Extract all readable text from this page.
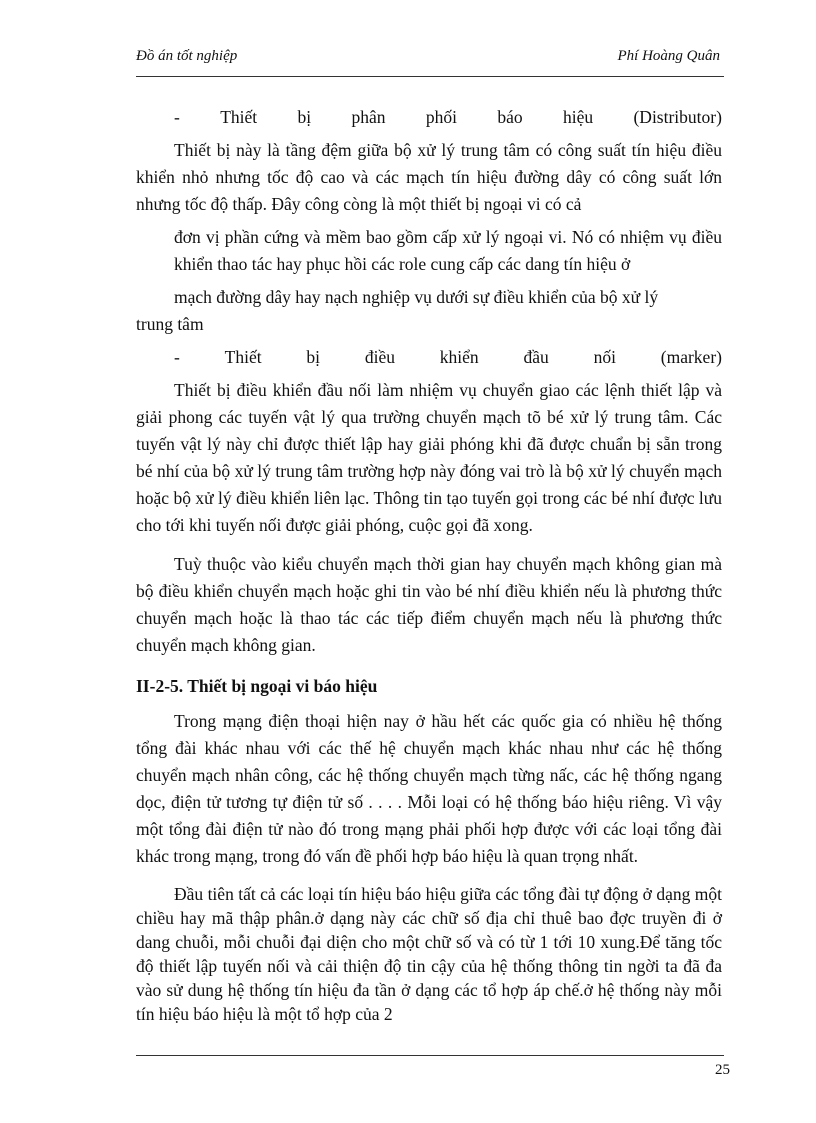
Đồ án tốt nghiệp	Phí Hoàng Quân
- Thiết bị phân phối báo hiệu (Distributor)

Thiết bị này là tầng đệm giữa bộ xử lý trung tâm có công suất tín hiệu điều khiển nhỏ nhưng tốc độ cao và các mạch tín hiệu đường dây có công suất lớn nhưng tốc độ thấp. Đây công còng là một thiết bị ngoại vi có cả

đơn vị phần cứng và mềm bao gồm cấp xử lý ngoại vi. Nó có nhiệm vụ điều khiển thao tác hay phục hồi các role cung cấp các dang tín hiệu ở

mạch đường dây hay nạch nghiệp vụ dưới sự điều khiển của bộ xử lý

trung tâm

-	Thiết	bị	điều	khiển	đầu	nối	(marker)

Thiết bị điều khiển đầu nối làm nhiệm vụ chuyển giao các lệnh thiết lập và giải phong các tuyến vật lý qua trường chuyển mạch tõ bé xử lý trung tâm. Các tuyến vật lý này chỉ được thiết lập hay giải phóng khi đã được chuẩn bị sẵn trong bé nhí của bộ xử lý trung tâm trường hợp này đóng vai trò là bộ xử lý chuyển mạch hoặc bộ xử lý điều khiển liên lạc. Thông tin tạo tuyến gọi trong các bé nhí được lưu cho tới khi tuyến nối được giải phóng, cuộc gọi đã xong.

Tuỳ thuộc vào kiểu chuyển mạch thời gian hay chuyển mạch không gian mà bộ điều khiển chuyển mạch hoặc ghi tin vào bé nhí điều khiển nếu là phương thức chuyển mạch hoặc là thao tác các tiếp điểm chuyển mạch nếu là phương thức chuyển mạch không gian.

II-2-5. Thiết bị ngoại vi báo hiệu

Trong mạng điện thoại hiện nay ở hầu hết các quốc gia có nhiều hệ thống tổng đài khác nhau với các thế hệ chuyển mạch khác nhau như các hệ thống chuyển mạch nhân công, các hệ thống chuyển mạch từng nấc, các hệ thống ngang dọc, điện tử tương tự điện tử số . . . . Mỗi loại có hệ thống báo hiệu riêng. Vì vậy một tổng đài điện tử nào đó trong mạng phải phối hợp được với các loại tổng đài khác trong mạng, trong đó vấn đề phối hợp báo hiệu là quan trọng nhất.

Đầu tiên tất cả các loại tín hiệu báo hiệu giữa các tổng đài tự động ở dạng một chiều hay mã thập phân.ở dạng này các chữ số địa chỉ thuê bao đợc truyền đi ở dang chuỗi, mỗi chuỗi đại diện cho một chữ số và có từ 1 tới 10 xung.Để tăng tốc độ thiết lập tuyến nối và cải thiện độ tin cậy của hệ thống thông tin ngời ta đã đa vào sử dung hệ thống tín hiệu đa tần ở dạng các tổ hợp áp chế.ở hệ thống này mỗi tín hiệu báo hiệu là một tổ hợp của 2

25
